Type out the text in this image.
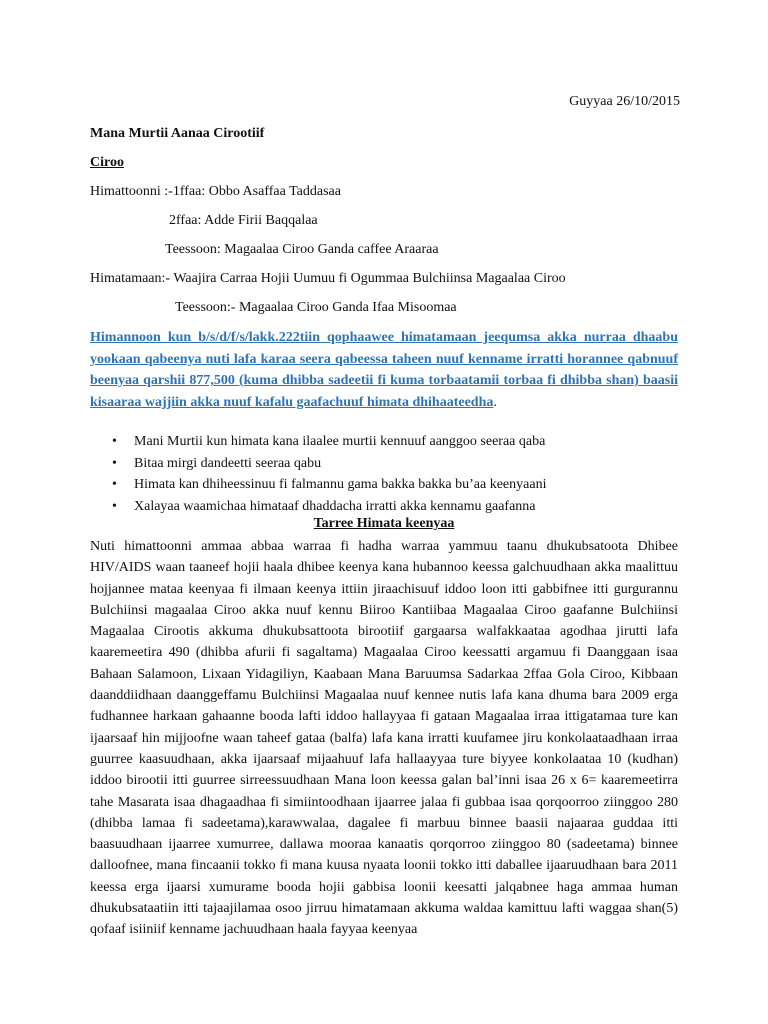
Guyyaa 26/10/2015
Mana Murtii Aanaa Cirootiif
Ciroo
Himattoonni :-1ffaa: Obbo Asaffaa Taddasaa
2ffaa: Adde Firii Baqqalaa
Teessoon: Magaalaa Ciroo Ganda caffee Araaraa
Himatamaan:- Waajira Carraa Hojii Uumuu fi Ogummaa Bulchiinsa Magaalaa Ciroo
Teessoon:- Magaalaa Ciroo Ganda Ifaa Misoomaa
Himannoon kun b/s/d/f/s/lakk.222tiin qophaawee himatamaan jeequmsa akka nurraa dhaabu yookaan qabeenya nuti lafa karaa seera qabeessa taheen nuuf kenname irratti horannee qabnuuf beenyaa qarshii 877,500 (kuma dhibba sadeetii fi kuma torbaatamii torbaa fi dhibba shan) baasii kisaaraa wajjiin akka nuuf kafalu gaafachuuf himata dhihaateedha.
• Mani Murtii kun himata kana ilaalee murtii kennuuf aanggoo seeraa qaba
• Bitaa mirgi dandeetti seeraa qabu
• Himata kan dhiheessinuu fi falmannu gama bakka bakka bu’aa keenyaani
• Xalayaa waamichaa himataaf dhaddacha irratti akka kennamu gaafanna
Tarree Himata keenyaa
Nuti himattoonni ammaa abbaa warraa fi hadha warraa yammuu taanu dhukubsatoota Dhibee HIV/AIDS waan taaneef hojii haala dhibee keenya kana hubannoo keessa galchuudhaan akka maalittuu hojjannee mataa keenyaa fi ilmaan keenya ittiin jiraachisuuf iddoo loon itti gabbifnee itti gurgurannu Bulchiinsi magaalaa Ciroo akka nuuf kennu Biiroo Kantiibaa Magaalaa Ciroo gaafanne Bulchiinsi Magaalaa Cirootis akkuma dhukubsattoota birootiif gargaarsa walfakkaataa agodhaa jirutti lafa kaaremeetira 490 (dhibba afurii fi sagaltama) Magaalaa Ciroo keessatti argamuu fi Daanggaan isaa Bahaan Salamoon, Lixaan Yidagiliyn, Kaabaan Mana Baruumsa Sadarkaa 2ffaa Gola Ciroo, Kibbaan daanddiidhaan daanggeffamu Bulchiinsi Magaalaa nuuf kennee nutis lafa kana dhuma bara 2009 erga fudhannee harkaan gahaanne booda lafti iddoo hallayyaa fi gataan Magaalaa irraa ittigatamaa ture kan ijaarsaaf hin mijjoofne waan taheef gataa (balfa) lafa kana irratti kuufamee jiru konkolaataadhaan irraa guurree kaasuudhaan, akka ijaarsaaf mijaahuuf lafa hallaayyaa ture biyyee konkolaataa 10 (kudhan) iddoo birootii itti guurree sirreessuudhaan Mana loon keessa galan bal’inni isaa 26 x 6= kaaremeetirra tahe Masarata isaa dhagaadhaa fi simiintoodhaan ijaarree jalaa fi gubbaa isaa qorqoorroo ziinggoo 280 (dhibba lamaa fi sadeetama),karawwalaa, dagalee fi marbuu binnee baasii najaaraa guddaa itti baasuudhaan ijaarree xumurree, dallawa mooraa kanaatis qorqorroo ziinggoo 80 (sadeetama) binnee dalloofnee, mana fincaanii tokko fi mana kuusa nyaata loonii tokko itti daballee ijaaruudhaan bara 2011 keessa erga ijaarsi xumurame booda hojii gabbisa loonii keesatti jalqabnee haga ammaa human dhukubsataatiin itti tajaajilamaa osoo jirruu himatamaan akkuma waldaa kamittuu lafti waggaa shan(5) qofaaf isiiniif kenname jachuudhaan haala fayyaa keenyaa
